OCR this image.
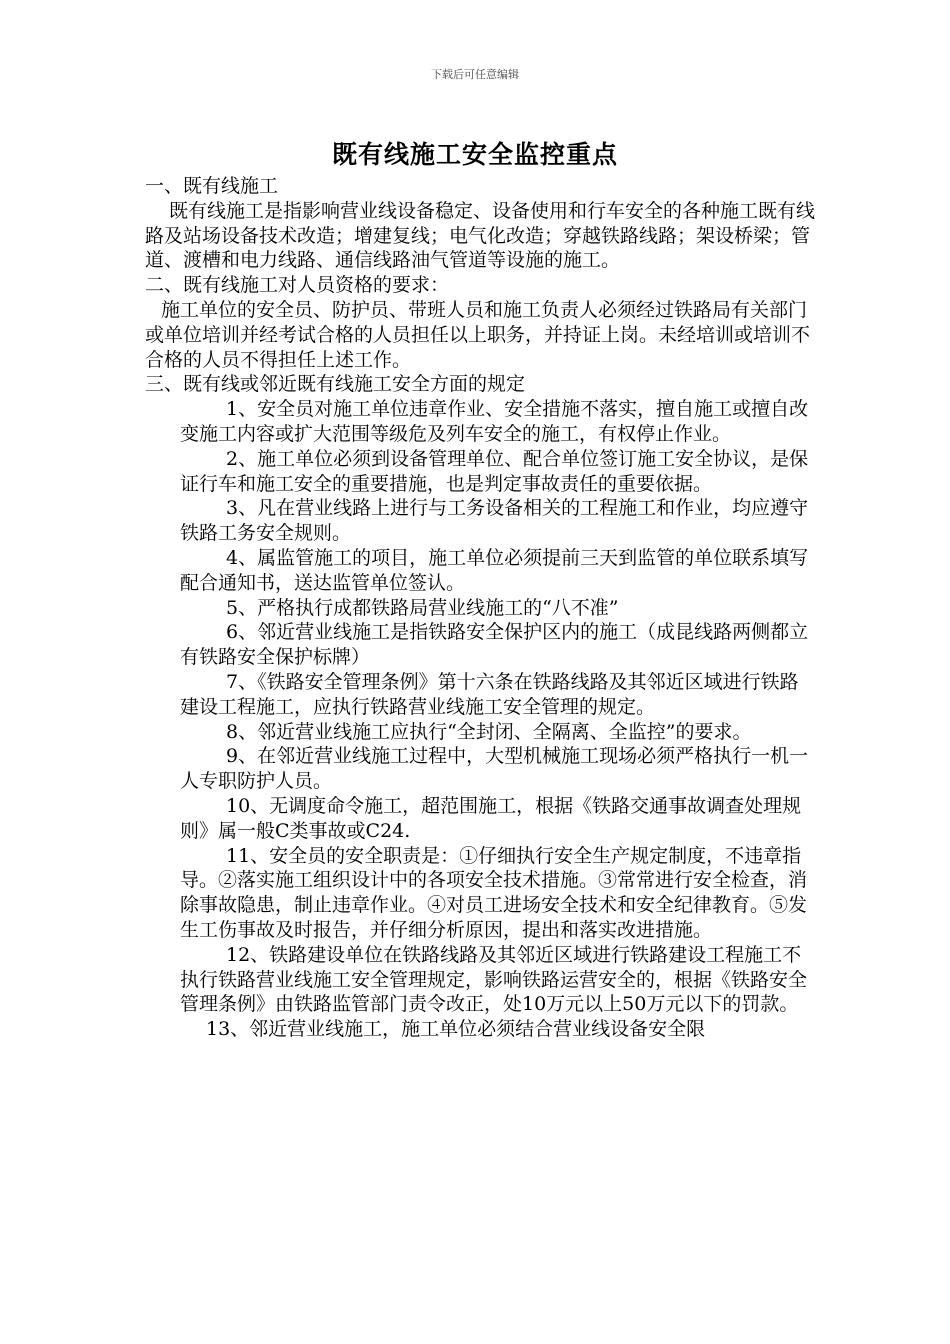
下载后可任意编辑
既有线施工安全监控重点

一、既有线施工

既有线施工是指影响营业线设备稳定、设备使用和行车安全的各种施工既有线路及站场设备技术改造；增建复线；电气化改造；穿越铁路线路；架设桥梁；管道、渡槽和电力线路、通信线路油气管道等设施的施工。

二、既有线施工对人员资格的要求：

施工单位的安全员、防护员、带班人员和施工负责人必须经过铁路局有关部门或单位培训并经考试合格的人员担任以上职务，并持证上岗。未经培训或培训不合格的人员不得担任上述工作。

三、既有线或邻近既有线施工安全方面的规定

1、安全员对施工单位违章作业、安全措施不落实，擅自施工或擅自改变施工内容或扩大范围等级危及列车安全的施工，有权停止作业。

2、施工单位必须到设备管理单位、配合单位签订施工安全协议，是保证行车和施工安全的重要措施，也是判定事故责任的重要依据。

3、凡在营业线路上进行与工务设备相关的工程施工和作业，均应遵守铁路工务安全规则。

4、属监管施工的项目，施工单位必须提前三天到监管的单位联系填写配合通知书，送达监管单位签认。

5、严格执行成都铁路局营业线施工的“八不准”

6、邻近营业线施工是指铁路安全保护区内的施工（成昆线路两侧都立有铁路安全保护标牌）

7、《铁路安全管理条例》第十六条在铁路线路及其邻近区域进行铁路建设工程施工，应执行铁路营业线施工安全管理的规定。

8、邻近营业线施工应执行“全封闭、全隔离、全监控”的要求。

9、在邻近营业线施工过程中，大型机械施工现场必须严格执行一机一人专职防护人员。

10、无调度命令施工，超范围施工，根据《铁路交通事故调查处理规则》属一般C类事故或C24.

11、安全员的安全职责是：①仔细执行安全生产规定制度，不违章指导。②落实施工组织设计中的各项安全技术措施。③常常进行安全检查，消除事故隐患，制止违章作业。④对员工进场安全技术和安全纪律教育。⑤发生工伤事故及时报告，并仔细分析原因，提出和落实改进措施。

12、铁路建设单位在铁路线路及其邻近区域进行铁路建设工程施工不执行铁路营业线施工安全管理规定，影响铁路运营安全的，根据《铁路安全管理条例》由铁路监管部门责令改正，处10万元以上50万元以下的罚款。

13、邻近营业线施工，施工单位必须结合营业线设备安全限
